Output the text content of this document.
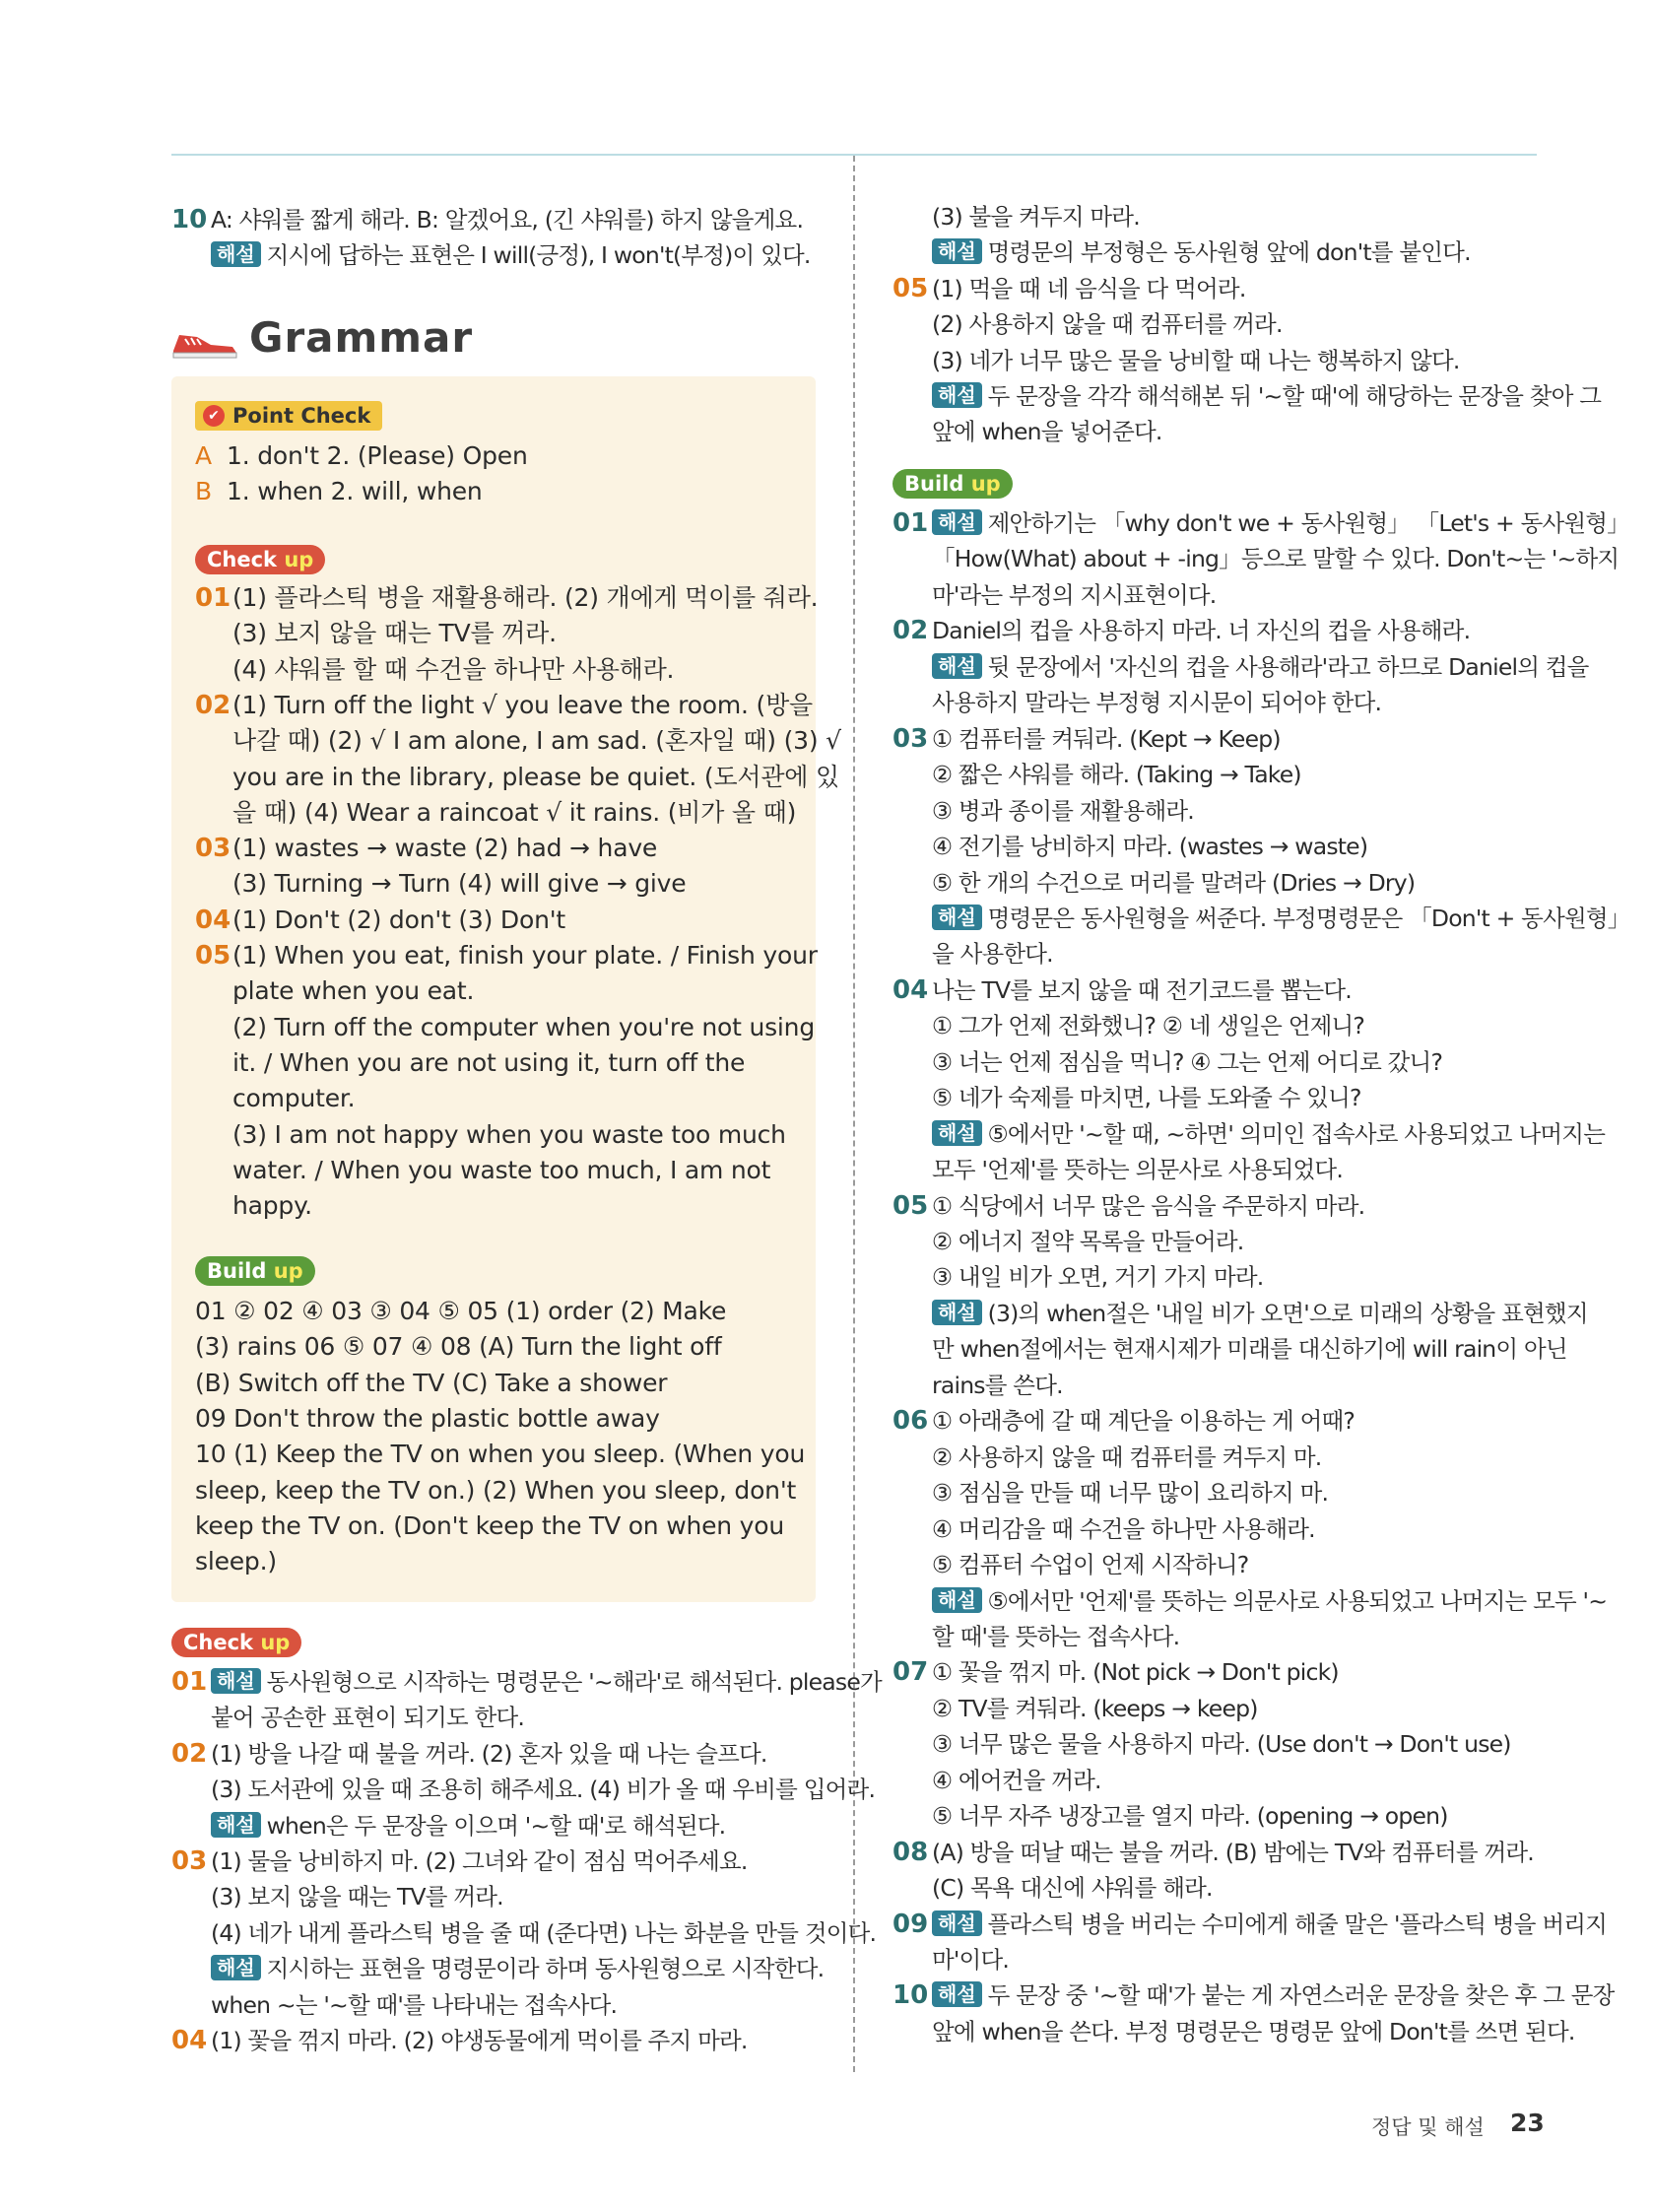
10 A: 샤워를 짧게 해라. B: 알겠어요, (긴 샤워를) 하지 않을게요.
해설 지시에 답하는 표현은 I will(긍정), I won't(부정)이 있다.
Grammar
✔ Point Check
A 1. don't 2. (Please) Open
B 1. when 2. will, when
Check up
01 (1) 플라스틱 병을 재활용해라. (2) 개에게 먹이를 줘라.
(3) 보지 않을 때는 TV를 꺼라.
(4) 샤워를 할 때 수건을 하나만 사용해라.
02 (1) Turn off the light √ you leave the room. (방을
나갈 때) (2) √ I am alone, I am sad. (혼자일 때) (3) √
you are in the library, please be quiet. (도서관에 있
을 때) (4) Wear a raincoat √ it rains. (비가 올 때)
03 (1) wastes → waste (2) had → have
(3) Turning → Turn (4) will give → give
04 (1) Don't (2) don't (3) Don't
05 (1) When you eat, finish your plate. / Finish your
plate when you eat.
(2) Turn off the computer when you're not using
it. / When you are not using it, turn off the
computer.
(3) I am not happy when you waste too much
water. / When you waste too much, I am not
happy.
Build up
01 ② 02 ④ 03 ③ 04 ⑤ 05 (1) order (2) Make
(3) rains 06 ⑤ 07 ④ 08 (A) Turn the light off
(B) Switch off the TV (C) Take a shower
09 Don't throw the plastic bottle away
10 (1) Keep the TV on when you sleep. (When you
sleep, keep the TV on.) (2) When you sleep, don't
keep the TV on. (Don't keep the TV on when you
sleep.)
Check up
01 해설 동사원형으로 시작하는 명령문은 '~해라'로 해석된다. please가
붙어 공손한 표현이 되기도 한다.
02 (1) 방을 나갈 때 불을 꺼라. (2) 혼자 있을 때 나는 슬프다.
(3) 도서관에 있을 때 조용히 해주세요. (4) 비가 올 때 우비를 입어라.
해설 when은 두 문장을 이으며 '~할 때'로 해석된다.
03 (1) 물을 낭비하지 마. (2) 그녀와 같이 점심 먹어주세요.
(3) 보지 않을 때는 TV를 꺼라.
(4) 네가 내게 플라스틱 병을 줄 때 (준다면) 나는 화분을 만들 것이다.
해설 지시하는 표현을 명령문이라 하며 동사원형으로 시작한다.
when ~는 '~할 때'를 나타내는 접속사다.
04 (1) 꽃을 꺾지 마라. (2) 야생동물에게 먹이를 주지 마라.
(3) 불을 켜두지 마라.
해설 명령문의 부정형은 동사원형 앞에 don't를 붙인다.
05 (1) 먹을 때 네 음식을 다 먹어라.
(2) 사용하지 않을 때 컴퓨터를 꺼라.
(3) 네가 너무 많은 물을 낭비할 때 나는 행복하지 않다.
해설 두 문장을 각각 해석해본 뒤 '~할 때'에 해당하는 문장을 찾아 그
앞에 when을 넣어준다.
Build up
01 해설 제안하기는 「why don't we + 동사원형」 「Let's + 동사원형」
「How(What) about + -ing」등으로 말할 수 있다. Don't~는 '~하지
마'라는 부정의 지시표현이다.
02 Daniel의 컵을 사용하지 마라. 너 자신의 컵을 사용해라.
해설 뒷 문장에서 '자신의 컵을 사용해라'라고 하므로 Daniel의 컵을
사용하지 말라는 부정형 지시문이 되어야 한다.
03 ① 컴퓨터를 켜둬라. (Kept → Keep)
② 짧은 샤워를 해라. (Taking → Take)
③ 병과 종이를 재활용해라.
④ 전기를 낭비하지 마라. (wastes → waste)
⑤ 한 개의 수건으로 머리를 말려라 (Dries → Dry)
해설 명령문은 동사원형을 써준다. 부정명령문은 「Don't + 동사원형」
을 사용한다.
04 나는 TV를 보지 않을 때 전기코드를 뽑는다.
① 그가 언제 전화했니? ② 네 생일은 언제니?
③ 너는 언제 점심을 먹니? ④ 그는 언제 어디로 갔니?
⑤ 네가 숙제를 마치면, 나를 도와줄 수 있니?
해설 ⑤에서만 '~할 때, ~하면' 의미인 접속사로 사용되었고 나머지는
모두 '언제'를 뜻하는 의문사로 사용되었다.
05 ① 식당에서 너무 많은 음식을 주문하지 마라.
② 에너지 절약 목록을 만들어라.
③ 내일 비가 오면, 거기 가지 마라.
해설 (3)의 when절은 '내일 비가 오면'으로 미래의 상황을 표현했지
만 when절에서는 현재시제가 미래를 대신하기에 will rain이 아닌
rains를 쓴다.
06 ① 아래층에 갈 때 계단을 이용하는 게 어때?
② 사용하지 않을 때 컴퓨터를 켜두지 마.
③ 점심을 만들 때 너무 많이 요리하지 마.
④ 머리감을 때 수건을 하나만 사용해라.
⑤ 컴퓨터 수업이 언제 시작하니?
해설 ⑤에서만 '언제'를 뜻하는 의문사로 사용되었고 나머지는 모두 '~
할 때'를 뜻하는 접속사다.
07 ① 꽃을 꺾지 마. (Not pick → Don't pick)
② TV를 켜둬라. (keeps → keep)
③ 너무 많은 물을 사용하지 마라. (Use don't → Don't use)
④ 에어컨을 꺼라.
⑤ 너무 자주 냉장고를 열지 마라. (opening → open)
08 (A) 방을 떠날 때는 불을 꺼라. (B) 밤에는 TV와 컴퓨터를 꺼라.
(C) 목욕 대신에 샤워를 해라.
09 해설 플라스틱 병을 버리는 수미에게 해줄 말은 '플라스틱 병을 버리지
마'이다.
10 해설 두 문장 중 '~할 때'가 붙는 게 자연스러운 문장을 찾은 후 그 문장
앞에 when을 쓴다. 부정 명령문은 명령문 앞에 Don't를 쓰면 된다.
정답 및 해설 23
